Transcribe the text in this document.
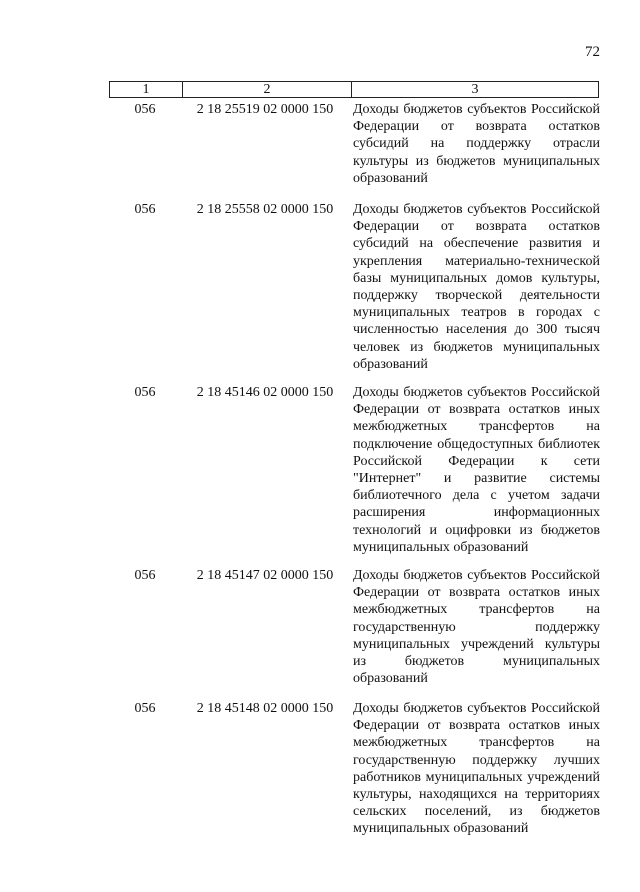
72
1	2	3
056	2 18 25519 02 0000 150	Доходы бюджетов субъектов Российской Федерации от возврата остатков субсидий на поддержку отрасли культуры из бюджетов муниципальных образований
056	2 18 25558 02 0000 150	Доходы бюджетов субъектов Российской Федерации от возврата остатков субсидий на обеспечение развития и укрепления материально-технической базы муниципальных домов культуры, поддержку творческой деятельности муниципальных театров в городах с численностью населения до 300 тысяч человек из бюджетов муниципальных образований
056	2 18 45146 02 0000 150	Доходы бюджетов субъектов Российской Федерации от возврата остатков иных межбюджетных трансфертов на подключение общедоступных библиотек Российской Федерации к сети "Интернет" и развитие системы библиотечного дела с учетом задачи расширения информационных технологий и оцифровки из бюджетов муниципальных образований
056	2 18 45147 02 0000 150	Доходы бюджетов субъектов Российской Федерации от возврата остатков иных межбюджетных трансфертов на государственную поддержку муниципальных учреждений культуры из бюджетов муниципальных образований
056	2 18 45148 02 0000 150	Доходы бюджетов субъектов Российской Федерации от возврата остатков иных межбюджетных трансфертов на государственную поддержку лучших работников муниципальных учреждений культуры, находящихся на территориях сельских поселений, из бюджетов муниципальных образований
